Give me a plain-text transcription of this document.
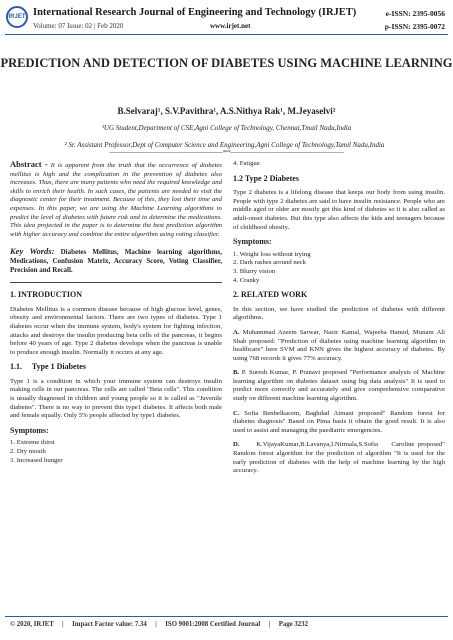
IRJET International Research Journal of Engineering and Technology (IRJET)
Volume: 07 Issue: 02 | Feb 2020	www.irjet.net
e-ISSN: 2395-0056
p-ISSN: 2395-0072
PREDICTION AND DETECTION OF DIABETES USING MACHINE LEARNING
B.Selvaraj¹, S.V.Pavithra¹, A.S.Nithya Rak¹, M.Jeyaselvi²
¹UG Student,Department of CSE,Agni College of Technology, Chennai,Tmail Nadu,India
² Sr. Assistant Professor,Dept of Computer Science and Engineering,Agni College of Technology,Tamil Nadu,India
-----------------------------------------------------------------------***-----------------------------------------------------------------------

Abstract - It is apparent from the truth that the occurrence of diabetes mellitus is high and the complication in the prevention of diabetes also increases. Thus, there are many patients who need the required knowledge and skills to enrich their health. In such cases, the patients are needed to visit the diagnostic center for their treatment. Because of this, they lost their time and expenses. In this paper, we are using the Machine Learning algorithms to predict the level of diabetes with future risk and to determine the medications. This idea projected in the paper is to determine the best prediction algorithm with higher accuracy and combine the entire algorithm using voting classifier.

Key Words: Diabetes Mellitus, Machine learning algorithms, Medications, Confusion Matrix, Accuracy Score, Voting Classifier, Precision and Recall.

1. INTRODUCTION

Diabetes Mellitus is a common disease because of high glucose level, genes, obesity and environmental factors. There are two types of diabetes. Type 1 diabetes occur when the immune system, body's system for fighting infection, attacks and destroys the insulin producing beta cells of the pancreas, it begins before 40 years of age. Type 2 diabetes develops when the pancreas is unable to produce enough insulin. Normally it occurs at any age.

1.1.     Type 1 Diabetes

Type 1 is a condition in which your immune system can destroys insulin making cells in our pancreas. The cells are called "Beta cells". This condition is usually diagnosed in children and young people so it is called as "Juvenile diabetes". There is no way to prevent this type1 diabetes. It affects both male and female equally. Only 5% people affected by type1 diabetes.

Symptoms:
1. Extreme thirst
2. Dry mouth
3. Increased hunger
4. Fatigue
1.2 Type 2 Diabetes

Type 2 diabetes is a lifelong disease that keeps our body from using insulin. People with type 2 diabetes are said to have insulin resistance. People who are middle aged or older are mostly get this kind of diabetes so it is also called as adult-onset diabetes. But this type also affects the kids and teenagers because of childhood obesity.

Symptoms:
1. Weight loss without trying
2. Dark rashes around neck
3. Blurry vision
4. Cranky
2. RELATED WORK

In this section, we have studied the prediction of diabetes with different algorithms.

A. Muhammad Azeem Sarwar, Nazir Kamal, Wajeeha Hamid, Munam Ali Shah proposed: "Prediction of diabetes using machine learning algorithm in healthcare" here SVM and KNN gives the highest accuracy of diabetes. By using 768 records it gives 77% accuracy.

B. P. Suresh Kumar, P. Pranavi proposed "Performance analysis of Machine learning algorithm on diabetes dataset using big data analysis" It is used to predict more correctly and accurately and give comprehensive comparative study on different machine learning algorithm.

C. Sofia Benbelkacem, Baghdad Atmani proposed" Random forest for diabetes diagnosis" Based on Pima basis it obtain the good result. It is also used to assist and managing the paediatric emergencies.

D.     K.VijayaKumar,B.Lavanya,I.Nirmala,S.Sofia    Caroline proposed" Random forest algorithm for the prediction of algorithm "It is used for the early prediction of diabetes with the help of machine learning by the high accuracy.

© 2020, IRJET     |     Impact Factor value: 7.34     |     ISO 9001:2008 Certified Journal     |     Page 3232
